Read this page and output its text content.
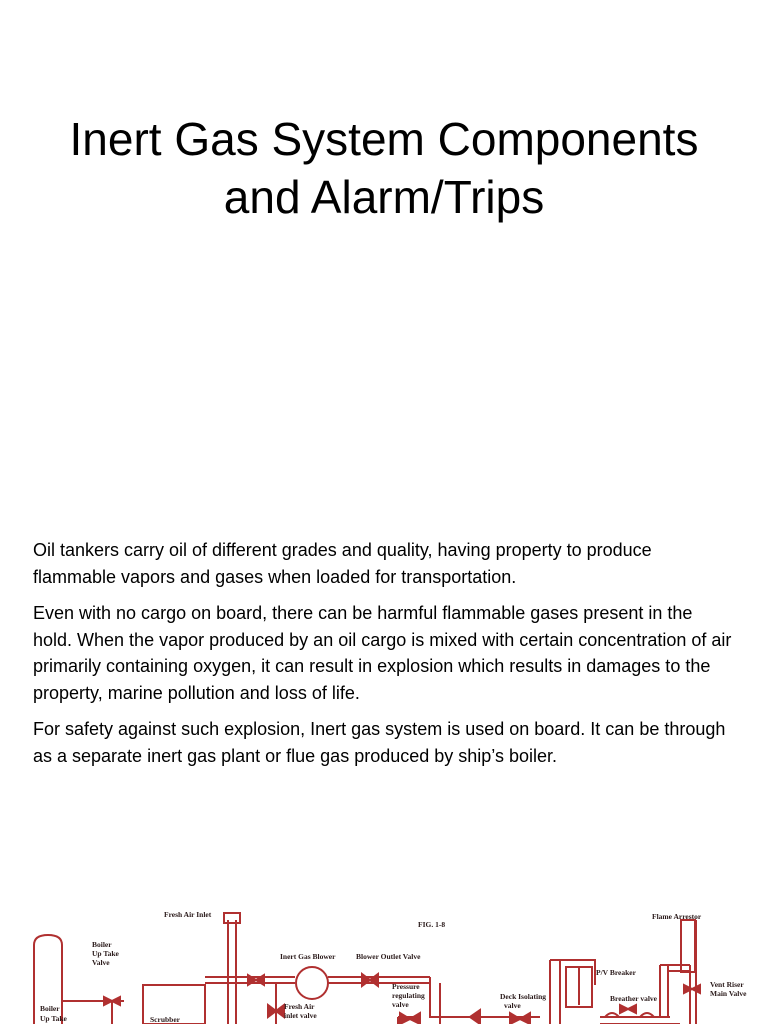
Inert Gas System Components
and Alarm/Trips

Oil tankers carry oil of different grades and quality, having property to produce flammable vapors and gases when loaded for transportation.

Even with no cargo on board, there can be harmful flammable gases present in the hold. When the vapor produced by an oil cargo is mixed with certain concentration of air primarily containing oxygen, it can result in explosion which results in damages to the property, marine pollution and loss of life.

For safety against such explosion, Inert gas system is used on board. It can be through as a separate inert gas plant or flue gas produced by ship’s boiler.

Fresh Air Inlet
FIG. 1-8
Flame Arrestor
Boiler
Up Take
Valve
Inert Gas Blower	Blower Outlet Valve
P/V Breaker
Vent Riser
Main Valve
Pressure
regulating
valve
Breather valve
Deck Isolating
valve
Boiler
Up Take
Fresh Air
inlet valve
Scrubber
